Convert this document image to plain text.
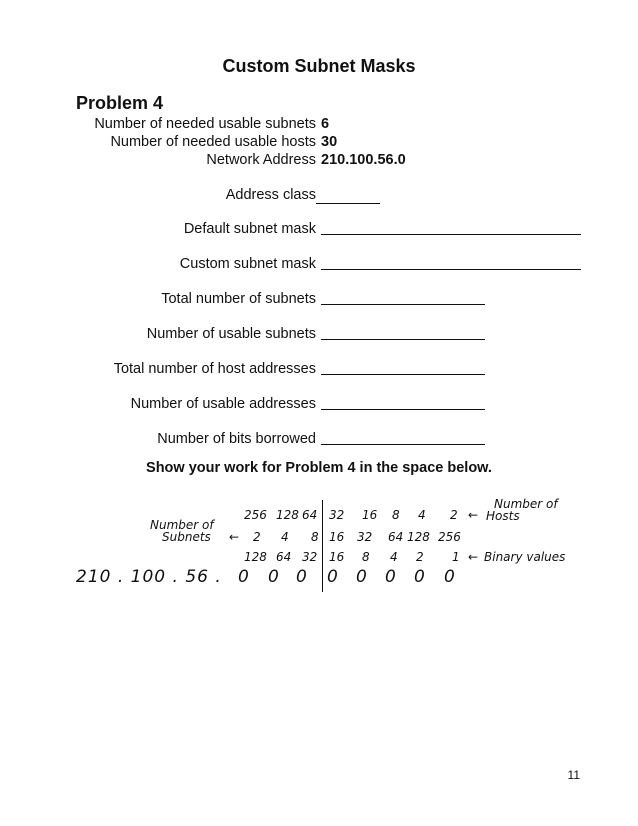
Custom Subnet Masks
Problem 4
Number of needed usable subnets 6
Number of needed usable hosts 30
Network Address 210.100.56.0
Address class
Default subnet mask
Custom subnet mask
Total number of subnets
Number of usable subnets
Total number of host addresses
Number of usable addresses
Number of bits borrowed
Show your work for Problem 4 in the space below.
Number of
Hosts
Number of
Subnets
256 128 64 32 16 8 4 2 ←
← 2 4 8 16 32 64 128 256
128 64 32 16 8 4 2 1 ← Binary values
210 . 100 . 56 . 0 0 0 0 0 0 0 0
11
